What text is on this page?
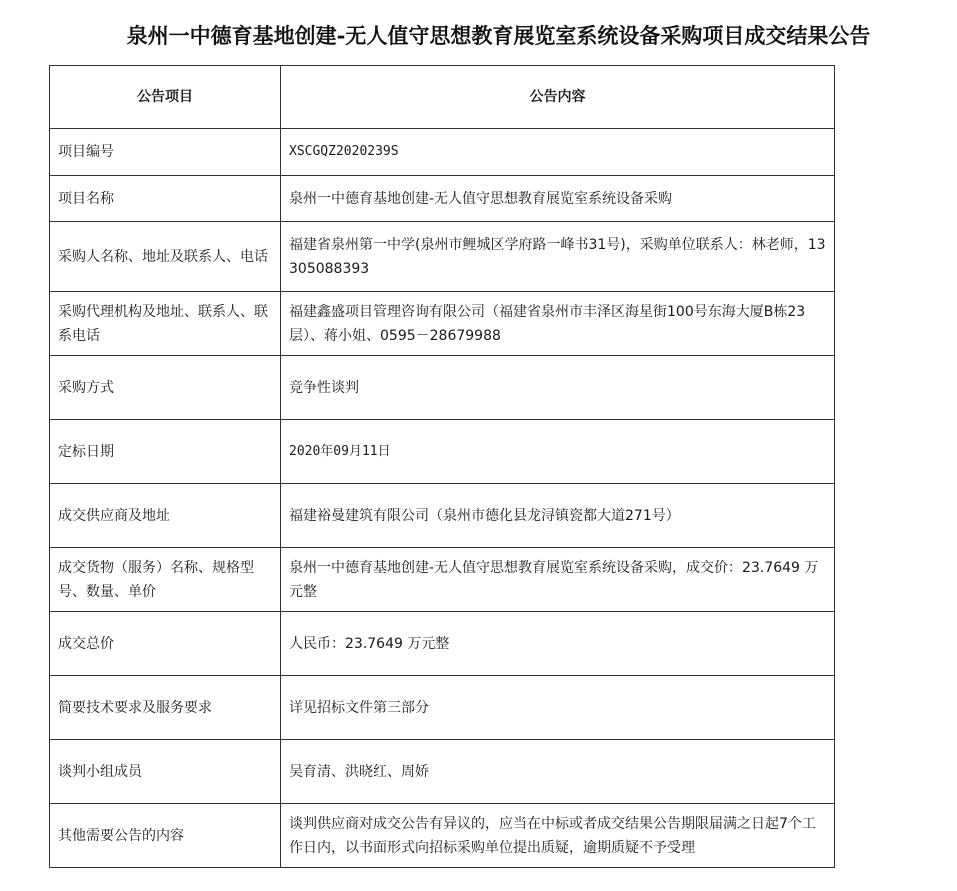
泉州一中德育基地创建-无人值守思想教育展览室系统设备采购项目成交结果公告
公告项目	公告内容
项目编号	XSCGQZ2020239S
项目名称	泉州一中德育基地创建-无人值守思想教育展览室系统设备采购
采购人名称、地址及联系人、电话	福建省泉州第一中学(泉州市鲤城区学府路一峰书31号)，采购单位联系人：林老师，13305088393
采购代理机构及地址、联系人、联系电话	福建鑫盛项目管理咨询有限公司（福建省泉州市丰泽区海星街100号东海大厦B栋23层）、蒋小姐、0595－28679988
采购方式	竞争性谈判
定标日期	2020年09月11日
成交供应商及地址	福建裕曼建筑有限公司（泉州市德化县龙浔镇瓷都大道271号）
成交货物（服务）名称、规格型号、数量、单价	泉州一中德育基地创建-无人值守思想教育展览室系统设备采购，成交价：23.7649 万元整
成交总价	人民币：23.7649 万元整
简要技术要求及服务要求	详见招标文件第三部分
谈判小组成员	吴育清、洪晓红、周娇
其他需要公告的内容	谈判供应商对成交公告有异议的，应当在中标或者成交结果公告期限届满之日起7个工作日内，以书面形式向招标采购单位提出质疑，逾期质疑不予受理
